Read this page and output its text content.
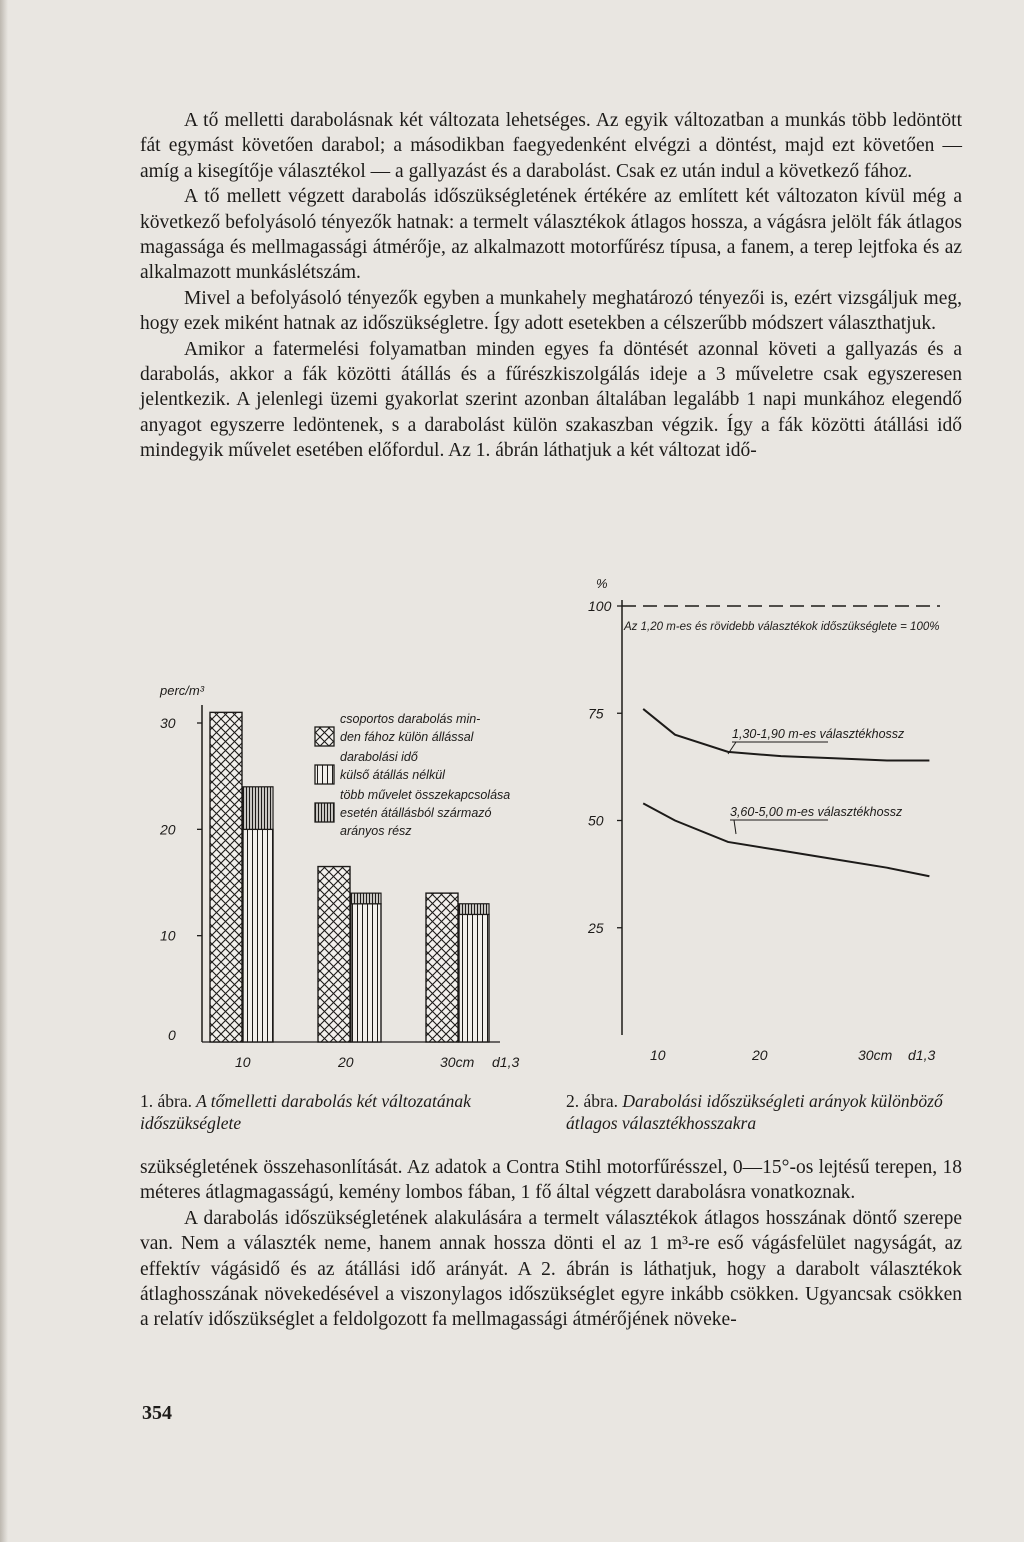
A tő melletti darabolásnak két változata lehetséges. Az egyik változatban a munkás több ledöntött fát egymást követően darabol; a másodikban faegyedenként elvégzi a döntést, majd ezt követően — amíg a kisegítője választékol — a gallyazást és a darabolást. Csak ez után indul a következő fához.

A tő mellett végzett darabolás időszükségletének értékére az említett két változaton kívül még a következő befolyásoló tényezők hatnak: a termelt választékok átlagos hossza, a vágásra jelölt fák átlagos magassága és mellmagassági átmérője, az alkalmazott motorfűrész típusa, a fanem, a terep lejtfoka és az alkalmazott munkáslétszám.

Mivel a befolyásoló tényezők egyben a munkahely meghatározó tényezői is, ezért vizsgáljuk meg, hogy ezek miként hatnak az időszükségletre. Így adott esetekben a célszerűbb módszert választhatjuk.

Amikor a fatermelési folyamatban minden egyes fa döntését azonnal követi a gallyazás és a darabolás, akkor a fák közötti átállás és a fűrészkiszolgálás ideje a 3 műveletre csak egyszeresen jelentkezik. A jelenlegi üzemi gyakorlat szerint azonban általában legalább 1 napi munkához elegendő anyagot egyszerre ledöntenek, s a darabolást külön szakaszban végzik. Így a fák közötti átállási idő mindegyik művelet esetében előfordul. Az 1. ábrán láthatjuk a két változat idő-

perc/m³
0
10
20
30
10	20	30cm d1,3
csoportos darabolás min-
den fához külön állással
darabolási idő
külső átállás nélkül
több művelet összekapcsolása
esetén átállásból származó
arányos rész
%
25
50
75
100
10	20	30cm d1,3
Az 1,20 m-es és rövidebb választékok időszükséglete = 100%
1,30-1,90 m-es választékhossz
3,60-5,00 m-es választékhossz
1. ábra. A tőmelletti darabolás két változatának időszükséglete
2. ábra. Darabolási időszükségleti arányok különböző átlagos választékhosszakra

szükségletének összehasonlítását. Az adatok a Contra Stihl motorfűrésszel, 0—15°-os lejtésű terepen, 18 méteres átlagmagasságú, kemény lombos fában, 1 fő által végzett darabolásra vonatkoznak.

A darabolás időszükségletének alakulására a termelt választékok átlagos hosszának döntő szerepe van. Nem a választék neme, hanem annak hossza dönti el az 1 m³-re eső vágásfelület nagyságát, az effektív vágásidő és az átállási idő arányát. A 2. ábrán is láthatjuk, hogy a darabolt választékok átlaghosszának növekedésével a viszonylagos időszükséglet egyre inkább csökken. Ugyancsak csökken a relatív időszükséglet a feldolgozott fa mellmagassági átmérőjének növeke-

354
